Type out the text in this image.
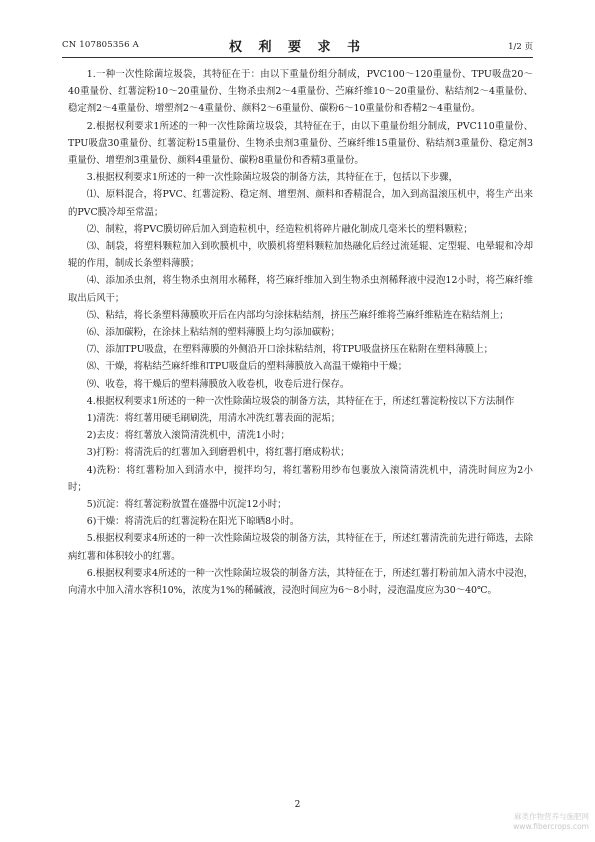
CN 107805356 A	权 利 要 求 书	1/2 页

1.一种一次性除菌垃圾袋，其特征在于：由以下重量份组分制成，PVC100～120重量份、TPU吸盘20～40重量份、红薯淀粉10～20重量份、生物杀虫剂2～4重量份、苎麻纤维10～20重量份、粘结剂2～4重量份、稳定剂2～4重量份、增塑剂2～4重量份、颜料2～6重量份、碳粉6～10重量份和香精2～4重量份。

2.根据权利要求1所述的一种一次性除菌垃圾袋，其特征在于，由以下重量份组分制成，PVC110重量份、TPU吸盘30重量份、红薯淀粉15重量份、生物杀虫剂3重量份、苎麻纤维15重量份、粘结剂3重量份、稳定剂3重量份、增塑剂3重量份、颜料4重量份、碳粉8重量份和香精3重量份。

3.根据权利要求1所述的一种一次性除菌垃圾袋的制备方法，其特征在于，包括以下步骤，

⑴、原料混合，将PVC、红薯淀粉、稳定剂、增塑剂、颜料和香精混合，加入到高温滚压机中，将生产出来的PVC膜冷却至常温；

⑵、制粒，将PVC膜切碎后加入到造粒机中，经造粒机将碎片融化制成几毫米长的塑料颗粒；

⑶、制袋，将塑料颗粒加入到吹膜机中，吹膜机将塑料颗粒加热融化后经过流延辊、定型辊、电晕辊和冷却辊的作用，制成长条塑料薄膜；

⑷、添加杀虫剂，将生物杀虫剂用水稀释，将苎麻纤维加入到生物杀虫剂稀释液中浸泡12小时，将苎麻纤维取出后风干；

⑸、粘结，将长条塑料薄膜吹开后在内部均匀涂抹粘结剂，挤压苎麻纤维将苎麻纤维粘连在粘结剂上；

⑹、添加碳粉，在涂抹上粘结剂的塑料薄膜上均匀添加碳粉；

⑺、添加TPU吸盘，在塑料薄膜的外侧沿开口涂抹粘结剂，将TPU吸盘挤压在粘附在塑料薄膜上；

⑻、干燥，将粘结苎麻纤维和TPU吸盘后的塑料薄膜放入高温干燥箱中干燥；

⑼、收卷，将干燥后的塑料薄膜放入收卷机，收卷后进行保存。

4.根据权利要求1所述的一种一次性除菌垃圾袋的制备方法，其特征在于，所述红薯淀粉按以下方法制作

1)清洗：将红薯用硬毛刷刷洗，用清水冲洗红薯表面的泥垢；

2)去皮：将红薯放入滚筒清洗机中，清洗1小时；

3)打粉：将清洗后的红薯加入到磨碧机中，将红薯打磨成粉状；

4)洗粉：将红薯粉加入到清水中，搅拌均匀，将红薯粉用纱布包裹放入滚筒清洗机中，清洗时间应为2小时；

5)沉淀：将红薯淀粉放置在盛器中沉淀12小时；

6)干燥：将清洗后的红薯淀粉在阳光下晾晒8小时。

5.根据权利要求4所述的一种一次性除菌垃圾袋的制备方法，其特征在于，所述红薯清洗前先进行筛选，去除病红薯和体积较小的红薯。

6.根据权利要求4所述的一种一次性除菌垃圾袋的制备方法，其特征在于，所述红薯打粉前加入清水中浸泡，向清水中加入清水容积10%，浓度为1%的稀碱液，浸泡时间应为6～8小时，浸泡温度应为30～40℃。

2
麻类作物营养与施肥网
www.fibercrops.com
